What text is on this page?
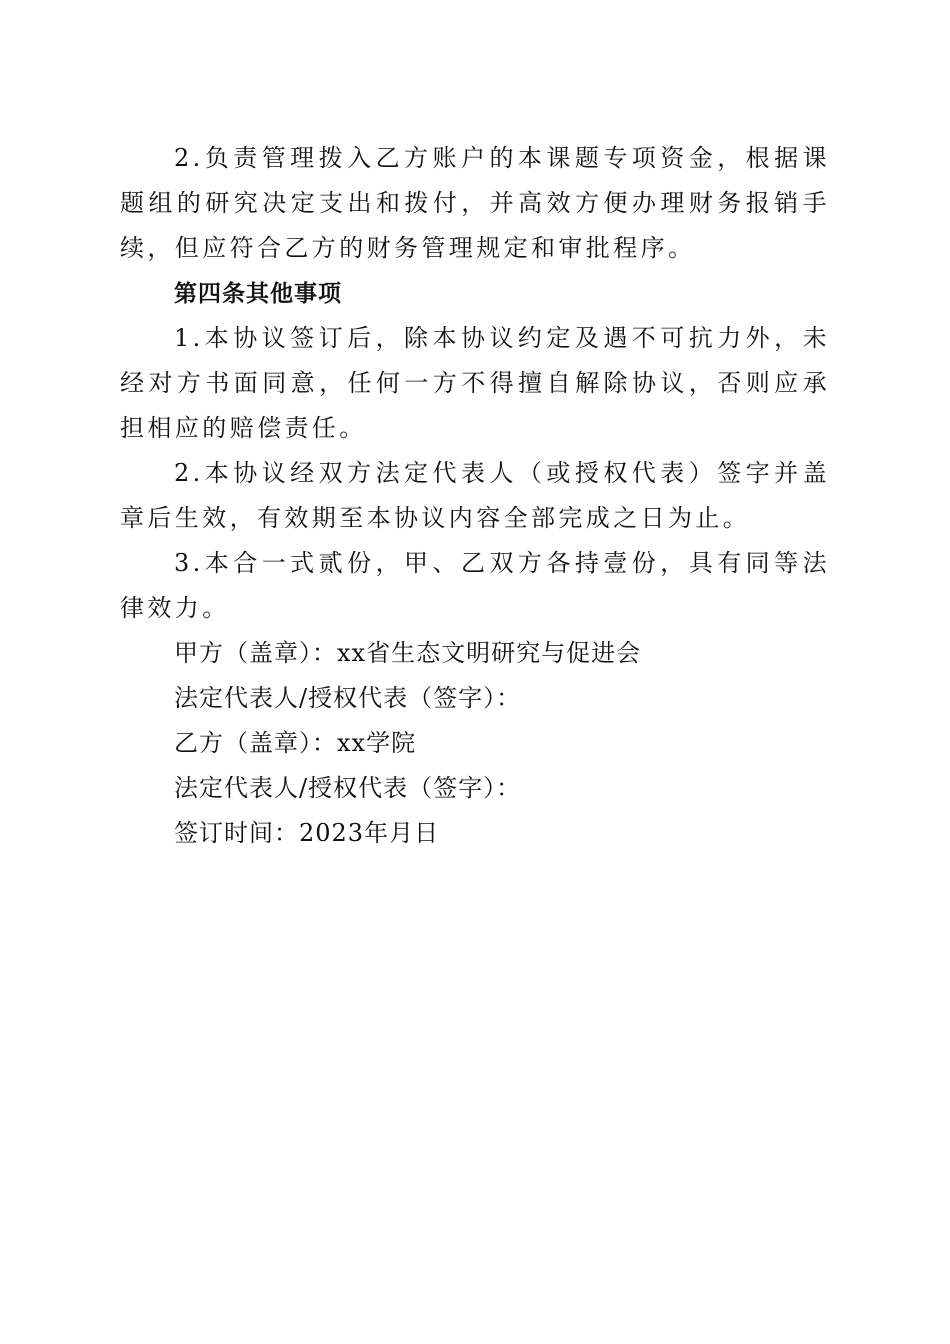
2.负责管理拨入乙方账户的本课题专项资金，根据课题组的研究决定支出和拨付，并高效方便办理财务报销手续，但应符合乙方的财务管理规定和审批程序。

第四条其他事项

1.本协议签订后，除本协议约定及遇不可抗力外，未经对方书面同意，任何一方不得擅自解除协议，否则应承担相应的赔偿责任。

2.本协议经双方法定代表人（或授权代表）签字并盖章后生效，有效期至本协议内容全部完成之日为止。

3.本合一式贰份，甲、乙双方各持壹份，具有同等法律效力。

甲方（盖章）：xx省生态文明研究与促进会

法定代表人/授权代表（签字）：

乙方（盖章）：xx学院

法定代表人/授权代表（签字）：

签订时间：2023年月日
